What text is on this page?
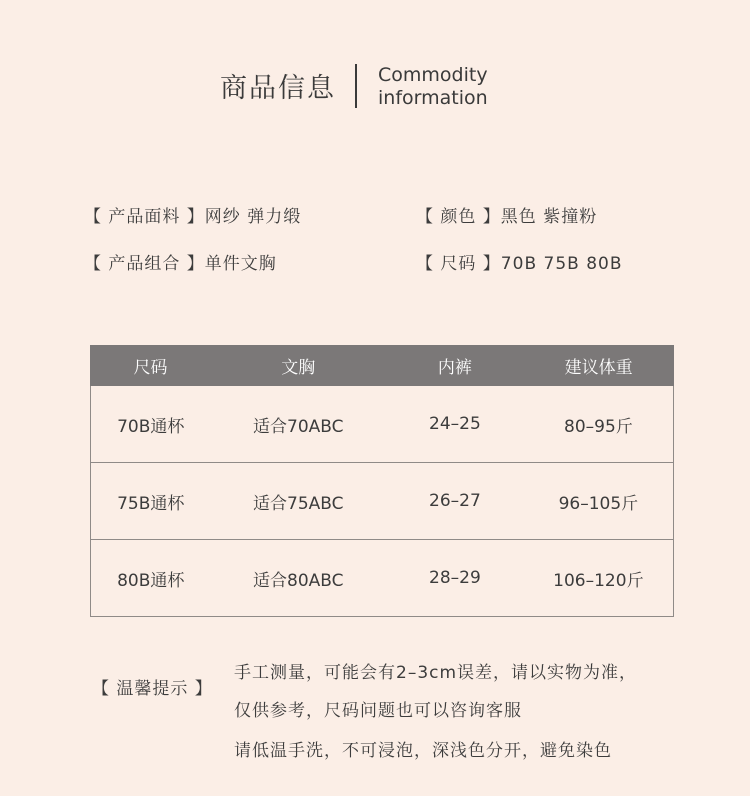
商品信息 Commodity
information
【 产品面料 】网纱 弹力缎	【 颜色 】黑色 紫撞粉
【 产品组合 】单件文胸	【 尺码 】70B 75B 80B
尺码	文胸	内裤	建议体重
70B通杯	适合70ABC	24–25	80–95斤
75B通杯	适合75ABC	26–27	96–105斤
80B通杯	适合80ABC	28–29	106–120斤
【 温馨提示 】
手工测量，可能会有2–3cm误差，请以实物为准，
仅供参考，尺码问题也可以咨询客服
请低温手洗，不可浸泡，深浅色分开，避免染色
